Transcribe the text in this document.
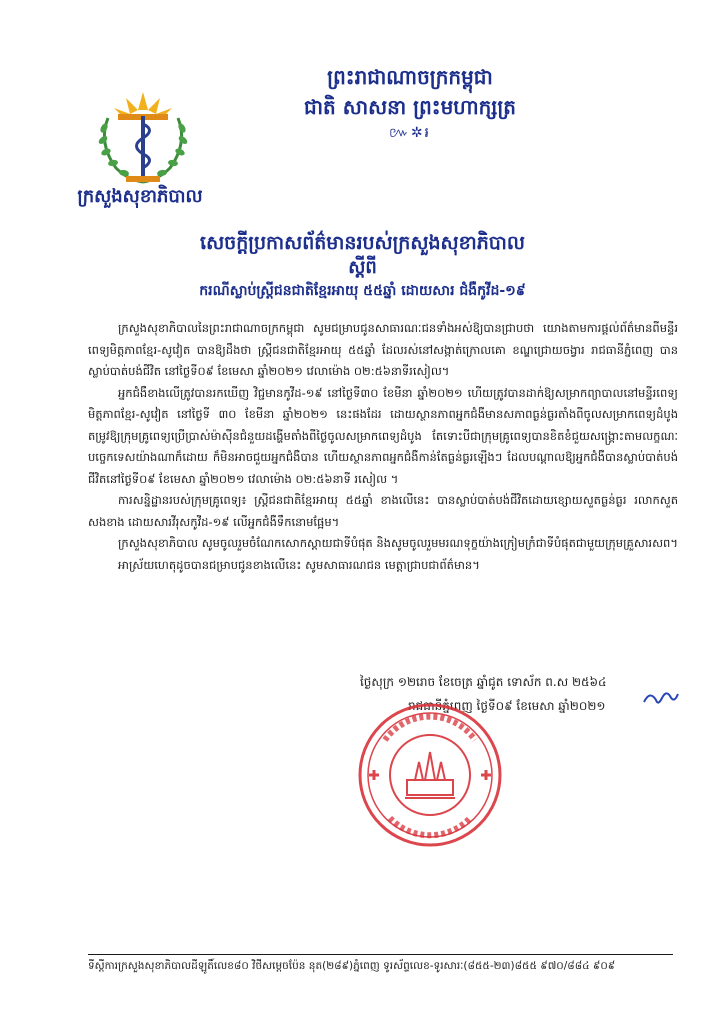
ព្រះរាជាណាចក្រកម្ពុជា
ជាតិ សាសនា ព្រះមហាក្សត្រ
៚✲៛
ក្រសួងសុខាភិបាល
សេចក្តីប្រកាសព័ត៌មានរបស់ក្រសួងសុខាភិបាល
ស្តីពី
ករណីស្លាប់ស្ត្រីជនជាតិខ្មែរអាយុ ៥៥ឆ្នាំ ដោយសារ ជំងឺកូវីដ-១៩

ក្រសួងសុខាភិបាលនៃព្រះរាជាណាចក្រកម្ពុជា សូមជម្រាបជូនសាធារណៈជនទាំងអស់ឱ្យបានជ្រាបថា យោងតាមការផ្តល់ព័ត៌មានពីមន្ទីរពេទ្យមិត្តភាពខ្មែរ-សូវៀត បានឱ្យដឹងថា ស្ត្រីជនជាតិខ្មែរអាយុ ៥៥ឆ្នាំ ដែលរស់នៅសង្កាត់ក្រោលគោ ខណ្ឌជ្រោយចង្វារ រាជធានីភ្នំពេញ បានស្លាប់បាត់បង់ជីវិត នៅថ្ងៃទី០៩ ខែមេសា ឆ្នាំ២០២១ វេលាម៉ោង ០២:៥៦នាទីរសៀល។

អ្នកជំងឺខាងលើត្រូវបានរកឃើញ វិជ្ជមានកូវីដ-១៩ នៅថ្ងៃទី៣០ ខែមីនា ឆ្នាំ២០២១ ហើយត្រូវបានដាក់ឱ្យសម្រាកព្យាបាលនៅមន្ទីរពេទ្យមិត្តភាពខ្មែរ-សូវៀត នៅថ្ងៃទី ៣០ ខែមីនា ឆ្នាំ២០២១ នេះផងដែរ ដោយស្ថានភាពអ្នកជំងឺមានសភាពធ្ងន់ធ្ងរតាំងពីចូលសម្រាកពេទ្យដំបូង តម្រូវឱ្យក្រុមគ្រូពេទ្យប្រើប្រាស់ម៉ាស៊ីនជំនួយដង្ហើមតាំងពីថ្ងៃចូលសម្រាកពេទ្យដំបូង តែទោះបីជាក្រុមគ្រូពេទ្យបានខិតខំជួយសង្គ្រោះតាមលក្ខណៈបច្ចេកទេសយ៉ាងណាក៏ដោយ ក៏មិនអាចជួយអ្នកជំងឺបាន ហើយស្ថានភាពអ្នកជំងឺកាន់តែធ្ងន់ធ្ងរឡើងៗ ដែលបណ្តាលឱ្យអ្នកជំងឺបានស្លាប់បាត់បង់ជីវិតនៅថ្ងៃទី០៩ ខែមេសា ឆ្នាំ២០២១ វេលាម៉ោង ០២:៥៦នាទី រសៀល ។

ការសន្និដ្ឋានរបស់ក្រុមគ្រូពេទ្យ៖ ស្ត្រីជនជាតិខ្មែរអាយុ ៥៥ឆ្នាំ ខាងលើនេះ បានស្លាប់បាត់បង់ជីវិតដោយខ្សោយសួតធ្ងន់ធ្ងរ រលាកសួតសងខាង ដោយសារវីរុសកូវីដ-១៩ លើអ្នកជំងឺទឹកនោមផ្អែម។

ក្រសួងសុខាភិបាល សូមចូលរួមចំណែកសោកស្តាយជាទីបំផុត និងសូមចូលរួមមរណទុក្ខយ៉ាងក្រៀមក្រំជាទីបំផុតជាមួយក្រុមគ្រួសារសព។

អាស្រ័យហេតុដូចបានជម្រាបជូនខាងលើនេះ សូមសាធារណជន មេត្តាជ្រាបជាព័ត៌មាន។

ថ្ងៃសុក្រ ១២រោច ខែចេត្រ ឆ្នាំជូត ទោស័ក ព.ស ២៥៦៤
រាជធានីភ្នំពេញ ថ្ងៃទី០៩ ខែមេសា ឆ្នាំ២០២១
ទីស្តីការក្រសួងសុខាភិបាលដីឡូតិ៍លេខ៨០ វិថីសម្តេចប៉ែន នុត(២៨៩)ភ្នំពេញ ទូរស័ព្ទលេខ-ទូរសារៈ(៨៥៥-២៣)៨៥៥ ៩៧០/៨៨៤ ៩០៩
